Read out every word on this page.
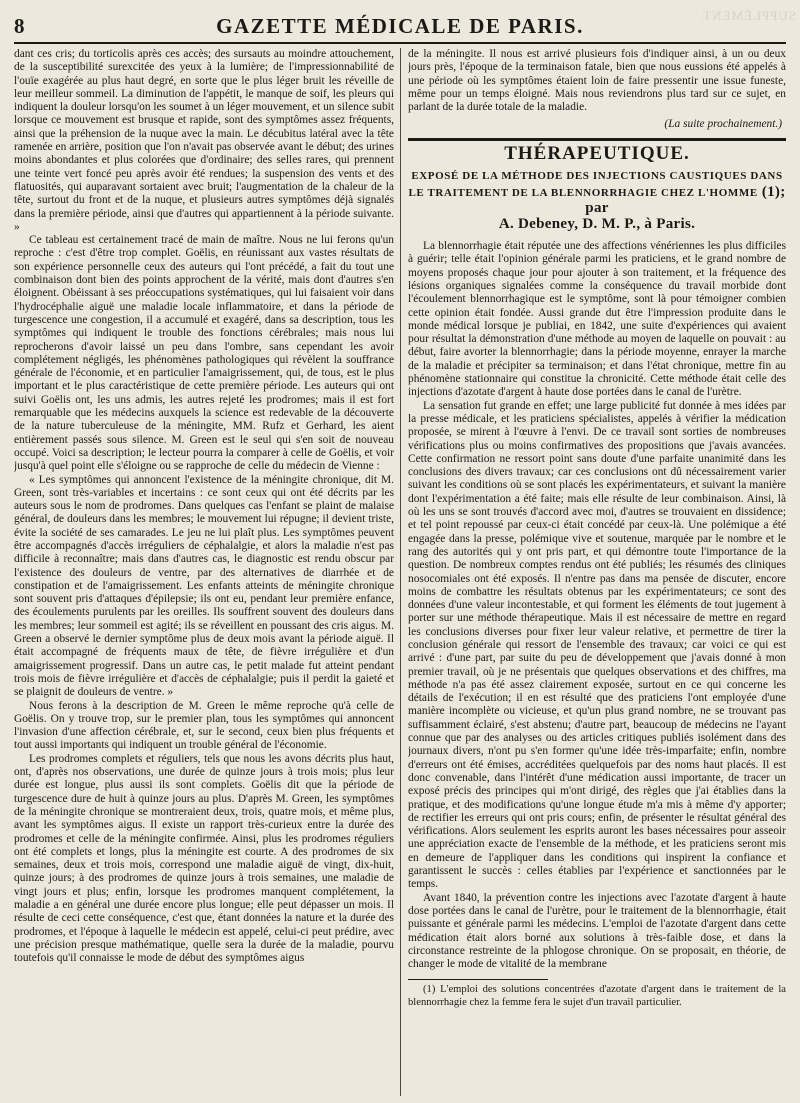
8	GAZETTE MÉDICALE DE PARIS.	SUPPLÉMENT.

dant ces cris; du torticolis après ces accès; des sursauts au moindre attouchement, de la susceptibilité surexcitée des yeux à la lumière; de l'impressionnabilité de l'ouïe exagérée au plus haut degré, en sorte que le plus léger bruit les réveille de leur meilleur sommeil. La diminution de l'appétit, le manque de soif, les pleurs qui indiquent la douleur lorsqu'on les soumet à un léger mouvement, et un silence subit lorsque ce mouvement est brusque et rapide, sont des symptômes assez fréquents, ainsi que la préhension de la nuque avec la main. Le décubitus latéral avec la tête ramenée en arrière, position que l'on n'avait pas observée avant le début; des urines moins abondantes et plus colorées que d'ordinaire; des selles rares, qui prennent une teinte vert foncé peu après avoir été rendues; la suspension des vents et des flatuosités, qui auparavant sortaient avec bruit; l'augmentation de la chaleur de la tête, surtout du front et de la nuque, et plusieurs autres symptômes déjà signalés dans la première période, ainsi que d'autres qui appartiennent à la période suivante. »

Ce tableau est certainement tracé de main de maître. Nous ne lui ferons qu'un reproche : c'est d'être trop complet. Goëlis, en réunissant aux vastes résultats de son expérience personnelle ceux des auteurs qui l'ont précédé, a fait du tout une combinaison dont bien des points approchent de la vérité, mais dont d'autres s'en éloignent. Obéissant à ses préoccupations systématiques, qui lui faisaient voir dans l'hydrocéphalie aiguë une maladie locale inflammatoire, et dans la période de turgescence une congestion, il a accumulé et exagéré, dans sa description, tous les symptômes qui indiquent le trouble des fonctions cérébrales; mais nous lui reprocherons d'avoir laissé un peu dans l'ombre, sans cependant les avoir complétement négligés, les phénomènes pathologiques qui révèlent la souffrance générale de l'économie, et en particulier l'amaigrissement, qui, de tous, est le plus important et le plus caractéristique de cette première période. Les auteurs qui ont suivi Goëlis ont, les uns admis, les autres rejeté les prodromes; mais il est fort remarquable que les médecins auxquels la science est redevable de la découverte de la nature tuberculeuse de la méningite, MM. Rufz et Gerhard, les aient entièrement passés sous silence. M. Green est le seul qui s'en soit de nouveau occupé. Voici sa description; le lecteur pourra la comparer à celle de Goëlis, et voir jusqu'à quel point elle s'éloigne ou se rapproche de celle du médecin de Vienne :

« Les symptômes qui annoncent l'existence de la méningite chronique, dit M. Green, sont très-variables et incertains : ce sont ceux qui ont été décrits par les auteurs sous le nom de prodromes. Dans quelques cas l'enfant se plaint de malaise général, de douleurs dans les membres; le mouvement lui répugne; il devient triste, évite la société de ses camarades. Le jeu ne lui plaît plus. Les symptômes peuvent être accompagnés d'accès irréguliers de céphalalgie, et alors la maladie n'est pas difficile à reconnaître; mais dans d'autres cas, le diagnostic est rendu obscur par l'existence des douleurs de ventre, par des alternatives de diarrhée et de constipation et de l'amaigrissement. Les enfants atteints de méningite chronique sont souvent pris d'attaques d'épilepsie; ils ont eu, pendant leur première enfance, des écoulements purulents par les oreilles. Ils souffrent souvent des douleurs dans les membres; leur sommeil est agité; ils se réveillent en poussant des cris aigus. M. Green a observé le dernier symptôme plus de deux mois avant la période aiguë. Il était accompagné de fréquents maux de tête, de fièvre irrégulière et d'un amaigrissement progressif. Dans un autre cas, le petit malade fut atteint pendant trois mois de fièvre irrégulière et d'accès de céphalalgie; puis il perdit la gaieté et se plaignit de douleurs de ventre. »

Nous ferons à la description de M. Green le même reproche qu'à celle de Goëlis. On y trouve trop, sur le premier plan, tous les symptômes qui annoncent l'invasion d'une affection cérébrale, et, sur le second, ceux bien plus fréquents et tout aussi importants qui indiquent un trouble général de l'économie.

Les prodromes complets et réguliers, tels que nous les avons décrits plus haut, ont, d'après nos observations, une durée de quinze jours à trois mois; plus leur durée est longue, plus aussi ils sont complets. Goëlis dit que la période de turgescence dure de huit à quinze jours au plus. D'après M. Green, les symptômes de la méningite chronique se montreraient deux, trois, quatre mois, et même plus, avant les symptômes aigus. Il existe un rapport très-curieux entre la durée des prodromes et celle de la méningite confirmée. Ainsi, plus les prodromes réguliers ont été complets et longs, plus la méningite est courte. A des prodromes de six semaines, deux et trois mois, correspond une maladie aiguë de vingt, dix-huit, quinze jours; à des prodromes de quinze jours à trois semaines, une maladie de vingt jours et plus; enfin, lorsque les prodromes manquent complétement, la maladie a en général une durée encore plus longue; elle peut dépasser un mois. Il résulte de ceci cette conséquence, c'est que, étant données la nature et la durée des prodromes, et l'époque à laquelle le médecin est appelé, celui-ci peut prédire, avec une précision presque mathématique, quelle sera la durée de la maladie, pourvu toutefois qu'il connaisse le mode de début des symptômes aigus

de la méningite. Il nous est arrivé plusieurs fois d'indiquer ainsi, à un ou deux jours près, l'époque de la terminaison fatale, bien que nous eussions été appelés à une période où les symptômes étaient loin de faire pressentir une issue funeste, même pour un temps éloigné. Mais nous reviendrons plus tard sur ce sujet, en parlant de la durée totale de la maladie.

(La suite prochainement.)

THÉRAPEUTIQUE.
EXPOSÉ DE LA MÉTHODE DES INJECTIONS CAUSTIQUES DANS LE TRAITEMENT DE LA BLENNORRHAGIE CHEZ L'HOMME (1); par
A. Debeney, D. M. P., à Paris.

La blennorrhagie était réputée une des affections vénériennes les plus difficiles à guérir; telle était l'opinion générale parmi les praticiens, et le grand nombre de moyens proposés chaque jour pour ajouter à son traitement, et la fréquence des lésions organiques signalées comme la conséquence du travail morbide dont l'écoulement blennorrhagique est le symptôme, sont là pour témoigner combien cette opinion était fondée. Aussi grande dut être l'impression produite dans le monde médical lorsque je publiai, en 1842, une suite d'expériences qui avaient pour résultat la démonstration d'une méthode au moyen de laquelle on pouvait : au début, faire avorter la blennorrhagie; dans la période moyenne, enrayer la marche de la maladie et précipiter sa terminaison; et dans l'état chronique, mettre fin au phénomène stationnaire qui constitue la chronicité. Cette méthode était celle des injections d'azotate d'argent à haute dose portées dans le canal de l'urètre.

La sensation fut grande en effet; une large publicité fut donnée à mes idées par la presse médicale, et les praticiens spécialistes, appelés à vérifier la médication proposée, se mirent à l'œuvre à l'envi. De ce travail sont sorties de nombreuses vérifications plus ou moins confirmatives des propositions que j'avais avancées. Cette confirmation ne ressort point sans doute d'une parfaite unanimité dans les conclusions des divers travaux; car ces conclusions ont dû nécessairement varier suivant les conditions où se sont placés les expérimentateurs, et suivant la manière dont l'expérimentation a été faite; mais elle résulte de leur combinaison. Ainsi, là où les uns se sont trouvés d'accord avec moi, d'autres se trouvaient en dissidence; et tel point repoussé par ceux-ci était concédé par ceux-là. Une polémique a été engagée dans la presse, polémique vive et soutenue, marquée par le nombre et le rang des autorités qui y ont pris part, et qui démontre toute l'importance de la question. De nombreux comptes rendus ont été publiés; les résumés des cliniques nosocomiales ont été exposés. Il n'entre pas dans ma pensée de discuter, encore moins de combattre les résultats obtenus par les expérimentateurs; ce sont des données d'une valeur incontestable, et qui forment les éléments de tout jugement à porter sur une méthode thérapeutique. Mais il est nécessaire de mettre en regard les conclusions diverses pour fixer leur valeur relative, et permettre de tirer la conclusion générale qui ressort de l'ensemble des travaux; car voici ce qui est arrivé : d'une part, par suite du peu de développement que j'avais donné à mon premier travail, où je ne présentais que quelques observations et des chiffres, ma méthode n'a pas été assez clairement exposée, surtout en ce qui concerne les détails de l'exécution; il en est résulté que des praticiens l'ont employée d'une manière incomplète ou vicieuse, et qu'un plus grand nombre, ne se trouvant pas suffisamment éclairé, s'est abstenu; d'autre part, beaucoup de médecins ne l'ayant connue que par des analyses ou des articles critiques publiés isolément dans des journaux divers, n'ont pu s'en former qu'une idée très-imparfaite; enfin, nombre d'erreurs ont été émises, accréditées quelquefois par des noms haut placés. Il est donc convenable, dans l'intérêt d'une médication aussi importante, de tracer un exposé précis des principes qui m'ont dirigé, des règles que j'ai établies dans la pratique, et des modifications qu'une longue étude m'a mis à même d'y apporter; de rectifier les erreurs qui ont pris cours; enfin, de présenter le résultat général des vérifications. Alors seulement les esprits auront les bases nécessaires pour asseoir une appréciation exacte de l'ensemble de la méthode, et les praticiens seront mis en demeure de l'appliquer dans les conditions qui inspirent la confiance et garantissent le succès : celles établies par l'expérience et sanctionnées par le temps.

Avant 1840, la prévention contre les injections avec l'azotate d'argent à haute dose portées dans le canal de l'urètre, pour le traitement de la blennorrhagie, était puissante et générale parmi les médecins. L'emploi de l'azotate d'argent dans cette médication était alors borné aux solutions à très-faible dose, et dans la circonstance restreinte de la phlogose chronique. On se proposait, en théorie, de changer le mode de vitalité de la membrane

(1) L'emploi des solutions concentrées d'azotate d'argent dans le traitement de la blennorrhagie chez la femme fera le sujet d'un travail particulier.
